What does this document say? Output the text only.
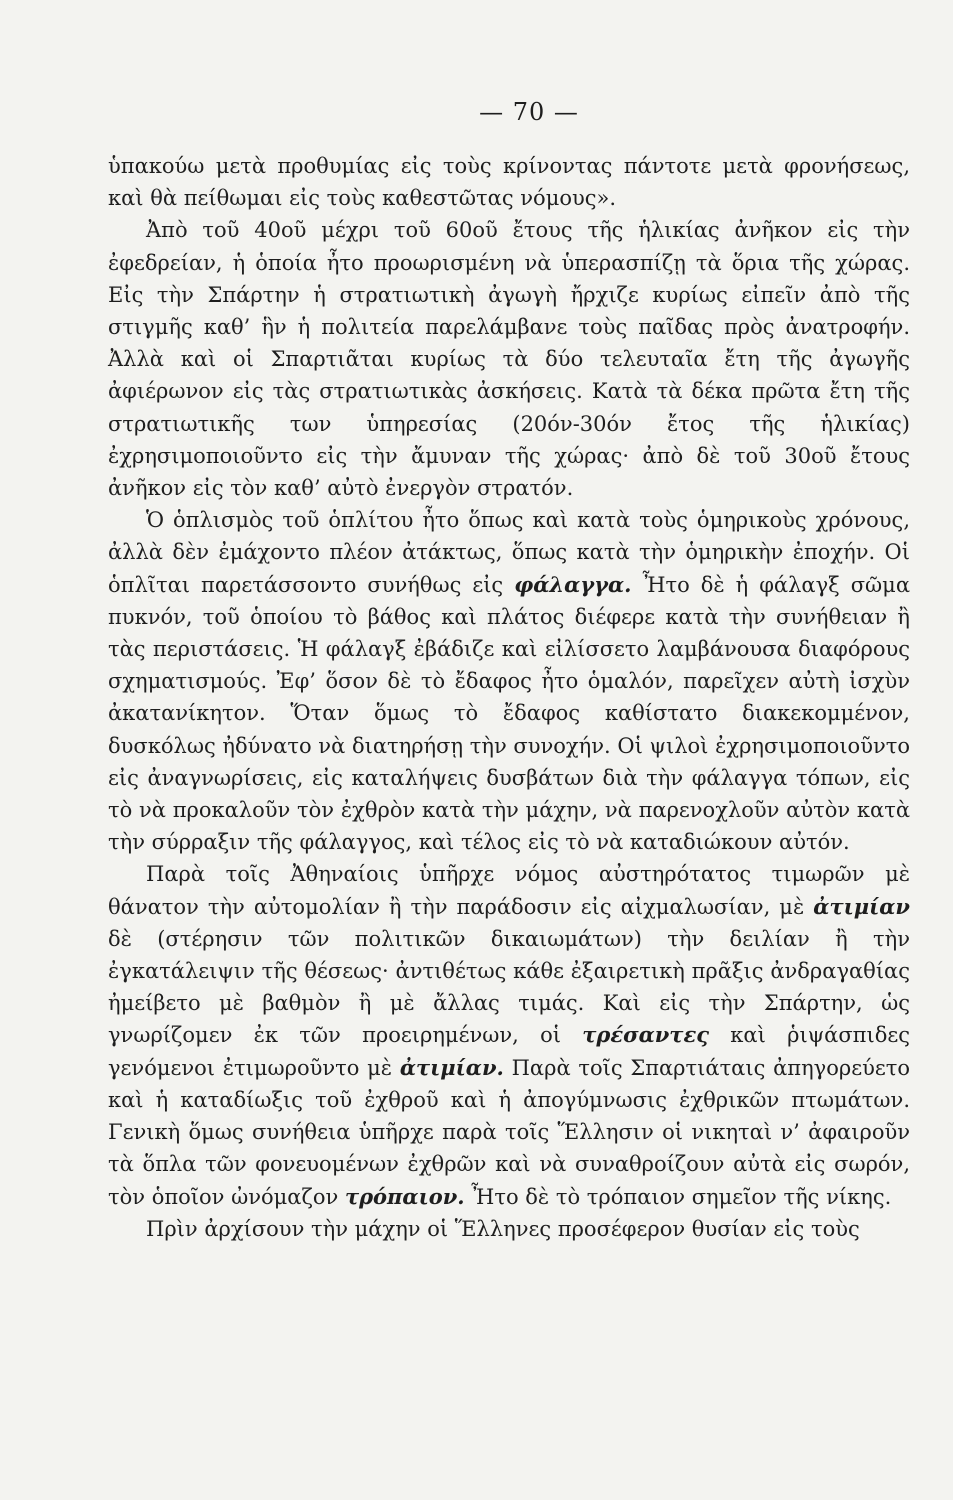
— 70 —

ὑπακούω μετὰ προθυμίας εἰς τοὺς κρίνοντας πάντοτε μετὰ φρονήσεως, καὶ θὰ πείθωμαι εἰς τοὺς καθεστῶτας νόμους».

Ἀπὸ τοῦ 40οῦ μέχρι τοῦ 60οῦ ἔτους τῆς ἡλικίας ἀνῆκον εἰς τὴν ἐφεδρείαν, ἡ ὁποία ἦτο προωρισμένη νὰ ὑπερασπίζῃ τὰ ὅρια τῆς χώρας. Εἰς τὴν Σπάρτην ἡ στρατιωτικὴ ἀγωγὴ ἤρχιζε κυρίως εἰπεῖν ἀπὸ τῆς στιγμῆς καθ’ ἣν ἡ πολιτεία παρελάμβανε τοὺς παῖδας πρὸς ἀνατροφήν. Ἀλλὰ καὶ οἱ Σπαρτιᾶται κυρίως τὰ δύο τελευταῖα ἔτη τῆς ἀγωγῆς ἀφιέρωνον εἰς τὰς στρατιωτικὰς ἀσκήσεις. Κατὰ τὰ δέκα πρῶτα ἔτη τῆς στρατιωτικῆς των ὑπηρεσίας (20όν-30όν ἔτος τῆς ἡλικίας) ἐχρησιμοποιοῦντο εἰς τὴν ἄμυναν τῆς χώρας· ἀπὸ δὲ τοῦ 30οῦ ἔτους ἀνῆκον εἰς τὸν καθ’ αὐτὸ ἐνεργὸν στρατόν.

Ὁ ὁπλισμὸς τοῦ ὁπλίτου ἦτο ὅπως καὶ κατὰ τοὺς ὁμηρικοὺς χρόνους, ἀλλὰ δὲν ἐμάχοντο πλέον ἀτάκτως, ὅπως κατὰ τὴν ὁμηρικὴν ἐποχήν. Οἱ ὁπλῖται παρετάσσοντο συνήθως εἰς φάλαγγα. Ἦτο δὲ ἡ φάλαγξ σῶμα πυκνόν, τοῦ ὁποίου τὸ βάθος καὶ πλάτος διέφερε κατὰ τὴν συνήθειαν ἢ τὰς περιστάσεις. Ἡ φάλαγξ ἐβάδιζε καὶ εἰλίσσετο λαμβάνουσα διαφόρους σχηματισμούς. Ἐφ’ ὅσον δὲ τὸ ἔδαφος ἦτο ὁμαλόν, παρεῖχεν αὐτὴ ἰσχὺν ἀκατανίκητον. Ὅταν ὅμως τὸ ἔδαφος καθίστατο διακεκομμένον, δυσκόλως ἠδύνατο νὰ διατηρήσῃ τὴν συνοχήν. Οἱ ψιλοὶ ἐχρησιμοποιοῦντο εἰς ἀναγνωρίσεις, εἰς καταλήψεις δυσβάτων διὰ τὴν φάλαγγα τόπων, εἰς τὸ νὰ προκαλοῦν τὸν ἐχθρὸν κατὰ τὴν μάχην, νὰ παρενοχλοῦν αὐτὸν κατὰ τὴν σύρραξιν τῆς φάλαγγος, καὶ τέλος εἰς τὸ νὰ καταδιώκουν αὐτόν.

Παρὰ τοῖς Ἀθηναίοις ὑπῆρχε νόμος αὐστηρότατος τιμωρῶν μὲ θάνατον τὴν αὐτομολίαν ἢ τὴν παράδοσιν εἰς αἰχμαλωσίαν, μὲ ἀτιμίαν δὲ (στέρησιν τῶν πολιτικῶν δικαιωμάτων) τὴν δειλίαν ἢ τὴν ἐγκατάλειψιν τῆς θέσεως· ἀντιθέτως κάθε ἐξαιρετικὴ πρᾶξις ἀνδραγαθίας ἠμείβετο μὲ βαθμὸν ἢ μὲ ἄλλας τιμάς. Καὶ εἰς τὴν Σπάρτην, ὡς γνωρίζομεν ἐκ τῶν προειρημένων, οἱ τρέσαντες καὶ ῥιψάσπιδες γενόμενοι ἐτιμωροῦντο μὲ ἀτιμίαν. Παρὰ τοῖς Σπαρτιάταις ἀπηγορεύετο καὶ ἡ καταδίωξις τοῦ ἐχθροῦ καὶ ἡ ἀπογύμνωσις ἐχθρικῶν πτωμάτων. Γενικὴ ὅμως συνήθεια ὑπῆρχε παρὰ τοῖς Ἕλλησιν οἱ νικηταὶ ν’ ἀφαιροῦν τὰ ὅπλα τῶν φονευομένων ἐχθρῶν καὶ νὰ συναθροίζουν αὐτὰ εἰς σωρόν, τὸν ὁποῖον ὠνόμαζον τρόπαιον. Ἦτο δὲ τὸ τρόπαιον σημεῖον τῆς νίκης.

Πρὶν ἀρχίσουν τὴν μάχην οἱ Ἕλληνες προσέφερον θυσίαν εἰς τοὺς
